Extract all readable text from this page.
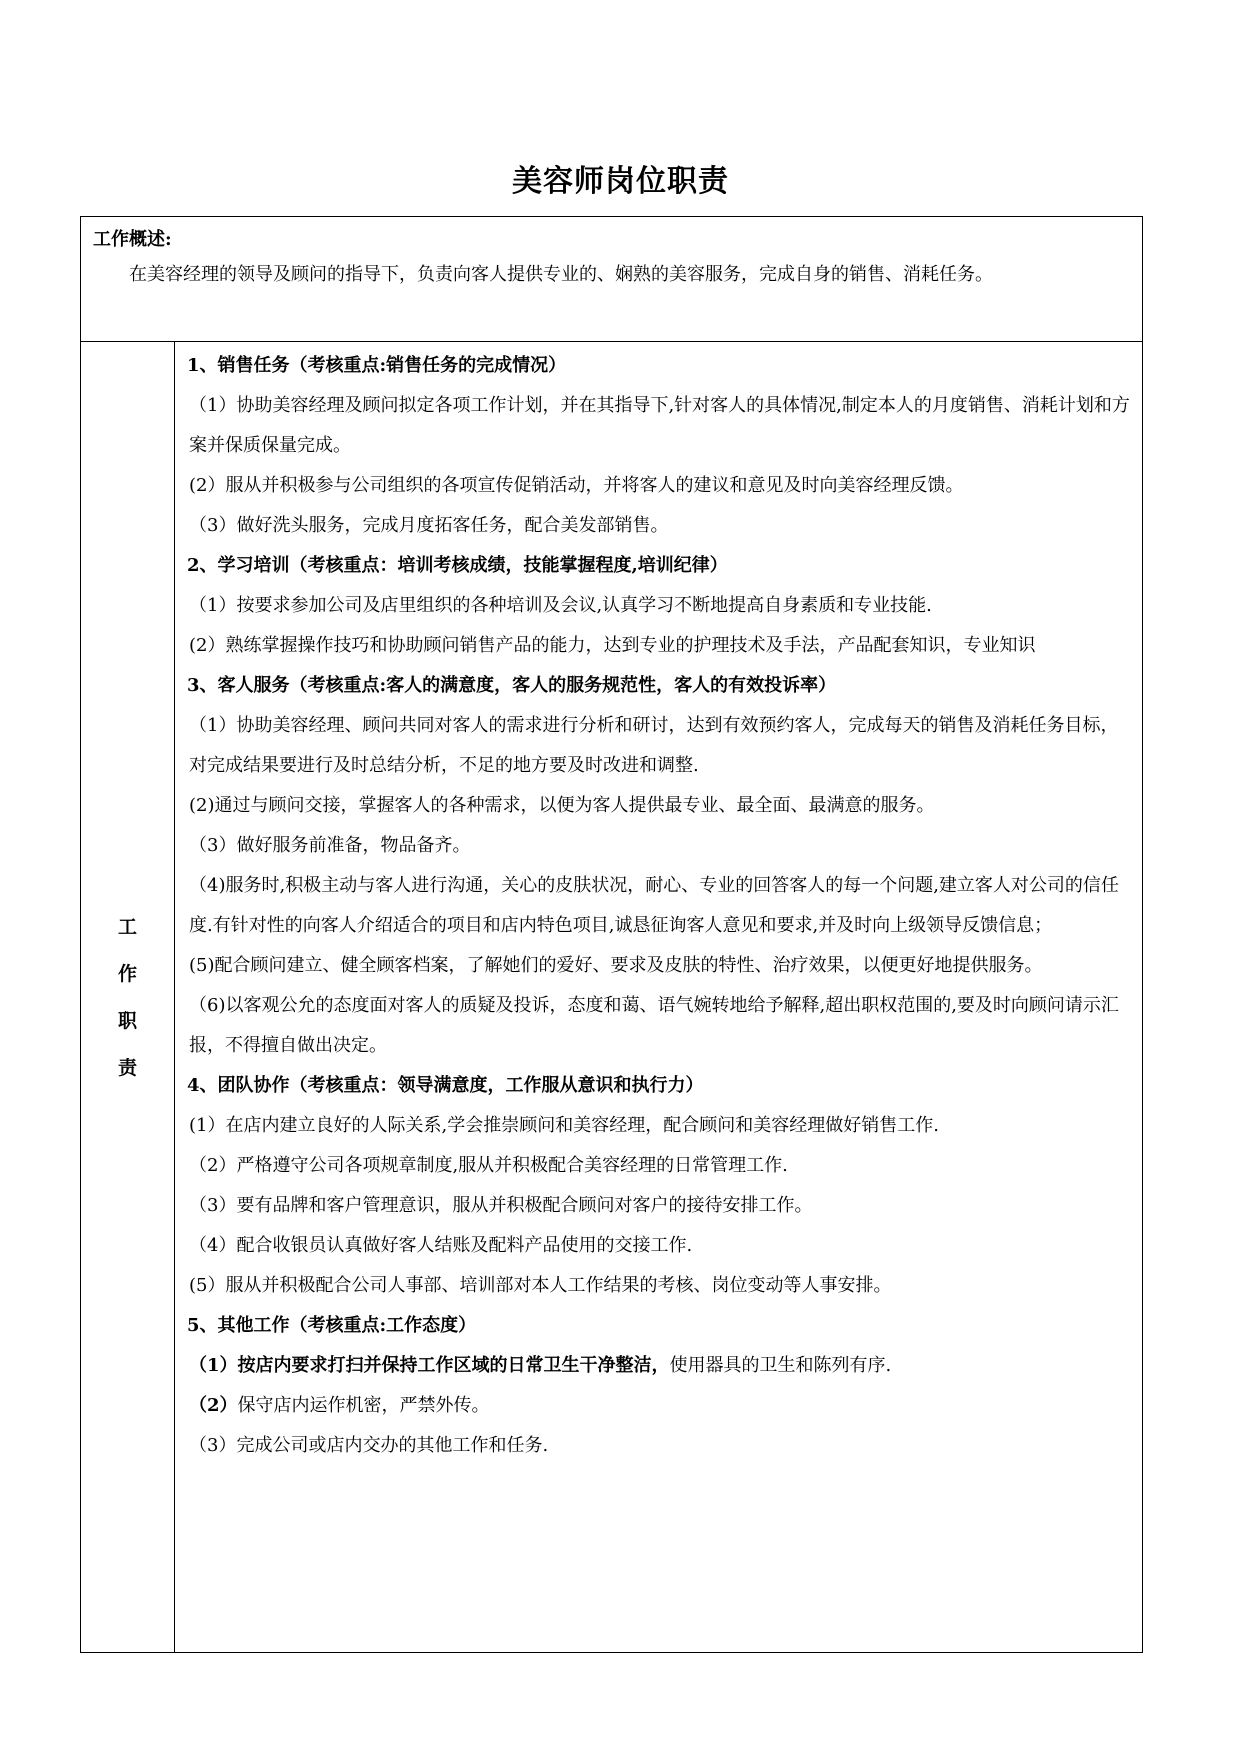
美容师岗位职责
工作概述:

在美容经理的领导及顾问的指导下，负责向客人提供专业的、娴熟的美容服务，完成自身的销售、消耗任务。

工
作
职
责

1、销售任务（考核重点:销售任务的完成情况）

（1）协助美容经理及顾问拟定各项工作计划，并在其指导下,针对客人的具体情况,制定本人的月度销售、消耗计划和方案并保质保量完成。

(2）服从并积极参与公司组织的各项宣传促销活动，并将客人的建议和意见及时向美容经理反馈。

（3）做好洗头服务，完成月度拓客任务，配合美发部销售。

2、学习培训（考核重点：培训考核成绩，技能掌握程度,培训纪律）

（1）按要求参加公司及店里组织的各种培训及会议,认真学习不断地提高自身素质和专业技能.

(2）熟练掌握操作技巧和协助顾问销售产品的能力，达到专业的护理技术及手法，产品配套知识，专业知识

3、客人服务（考核重点:客人的满意度，客人的服务规范性，客人的有效投诉率）

（1）协助美容经理、顾问共同对客人的需求进行分析和研讨，达到有效预约客人，完成每天的销售及消耗任务目标，对完成结果要进行及时总结分析，不足的地方要及时改进和调整.

(2)通过与顾问交接，掌握客人的各种需求，以便为客人提供最专业、最全面、最满意的服务。

（3）做好服务前准备，物品备齐。

（4)服务时,积极主动与客人进行沟通，关心的皮肤状况，耐心、专业的回答客人的每一个问题,建立客人对公司的信任度.有针对性的向客人介绍适合的项目和店内特色项目,诚恳征询客人意见和要求,并及时向上级领导反馈信息；

(5)配合顾问建立、健全顾客档案，了解她们的爱好、要求及皮肤的特性、治疗效果，以便更好地提供服务。

（6)以客观公允的态度面对客人的质疑及投诉，态度和蔼、语气婉转地给予解释,超出职权范围的,要及时向顾问请示汇报，不得擅自做出决定。

4、团队协作（考核重点：领导满意度，工作服从意识和执行力）

(1）在店内建立良好的人际关系,学会推崇顾问和美容经理，配合顾问和美容经理做好销售工作.

（2）严格遵守公司各项规章制度,服从并积极配合美容经理的日常管理工作.

（3）要有品牌和客户管理意识，服从并积极配合顾问对客户的接待安排工作。

（4）配合收银员认真做好客人结账及配料产品使用的交接工作.

(5）服从并积极配合公司人事部、培训部对本人工作结果的考核、岗位变动等人事安排。

5、其他工作（考核重点:工作态度）

（1）按店内要求打扫并保持工作区域的日常卫生干净整洁，使用器具的卫生和陈列有序.

（2）保守店内运作机密，严禁外传。

（3）完成公司或店内交办的其他工作和任务.
